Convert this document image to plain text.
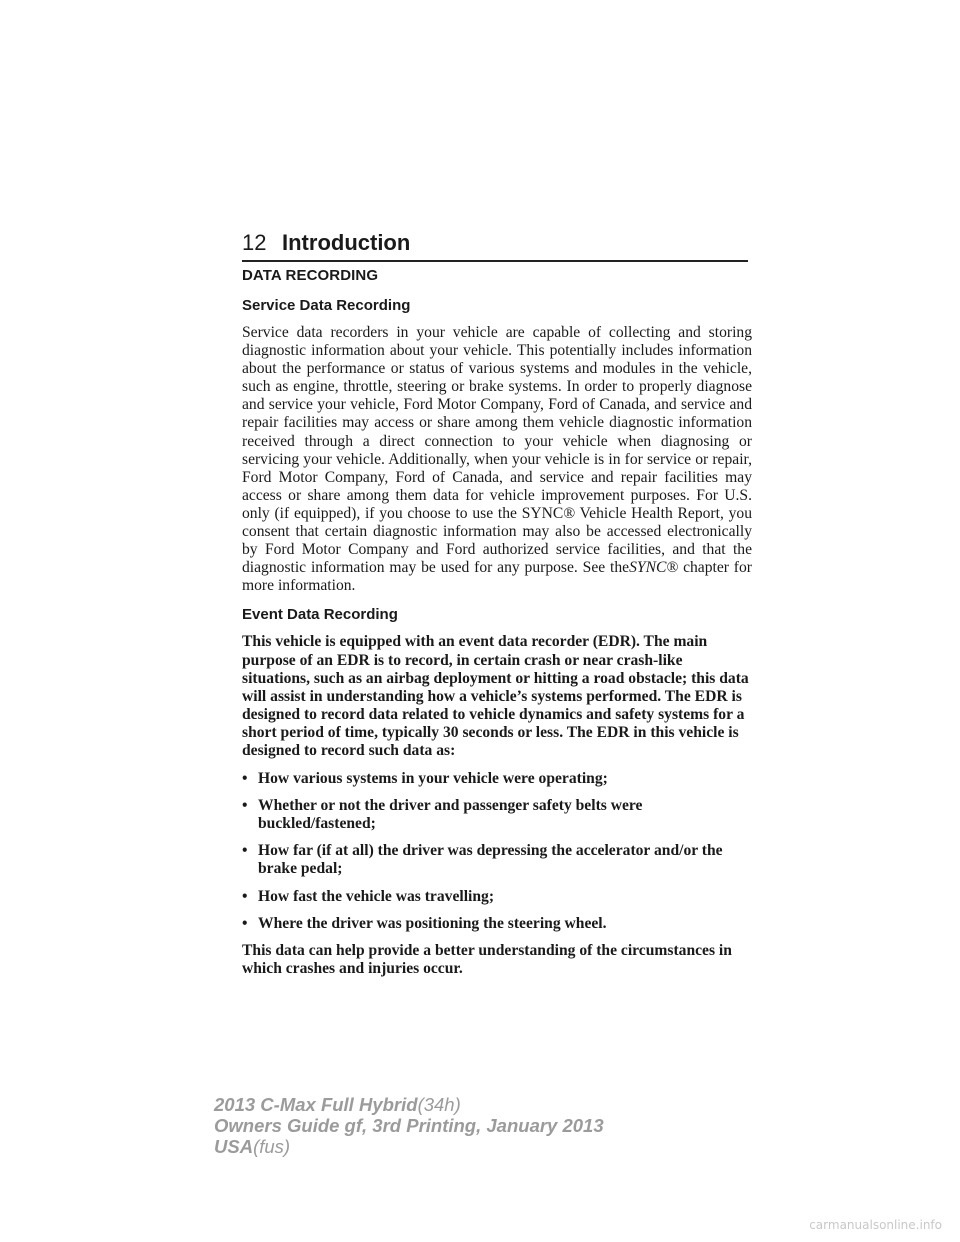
12 Introduction
DATA RECORDING
Service Data Recording

Service data recorders in your vehicle are capable of collecting and storing diagnostic information about your vehicle. This potentially includes information about the performance or status of various systems and modules in the vehicle, such as engine, throttle, steering or brake systems. In order to properly diagnose and service your vehicle, Ford Motor Company, Ford of Canada, and service and repair facilities may access or share among them vehicle diagnostic information received through a direct connection to your vehicle when diagnosing or servicing your vehicle. Additionally, when your vehicle is in for service or repair, Ford Motor Company, Ford of Canada, and service and repair facilities may access or share among them data for vehicle improvement purposes. For U.S. only (if equipped), if you choose to use the SYNC® Vehicle Health Report, you consent that certain diagnostic information may also be accessed electronically by Ford Motor Company and Ford authorized service facilities, and that the diagnostic information may be used for any purpose. See theSYNC® chapter for more information.

Event Data Recording

This vehicle is equipped with an event data recorder (EDR). The main purpose of an EDR is to record, in certain crash or near crash-like situations, such as an airbag deployment or hitting a road obstacle; this data will assist in understanding how a vehicle’s systems performed. The EDR is designed to record data related to vehicle dynamics and safety systems for a short period of time, typically 30 seconds or less. The EDR in this vehicle is designed to record such data as:

• How various systems in your vehicle were operating;
• Whether or not the driver and passenger safety belts were buckled/fastened;
• How far (if at all) the driver was depressing the accelerator and/or the brake pedal;
• How fast the vehicle was travelling;
• Where the driver was positioning the steering wheel.

This data can help provide a better understanding of the circumstances in which crashes and injuries occur.

2013 C-Max Full Hybrid(34h)
Owners Guide gf, 3rd Printing, January 2013
USA(fus)
carmanualsonline.info
